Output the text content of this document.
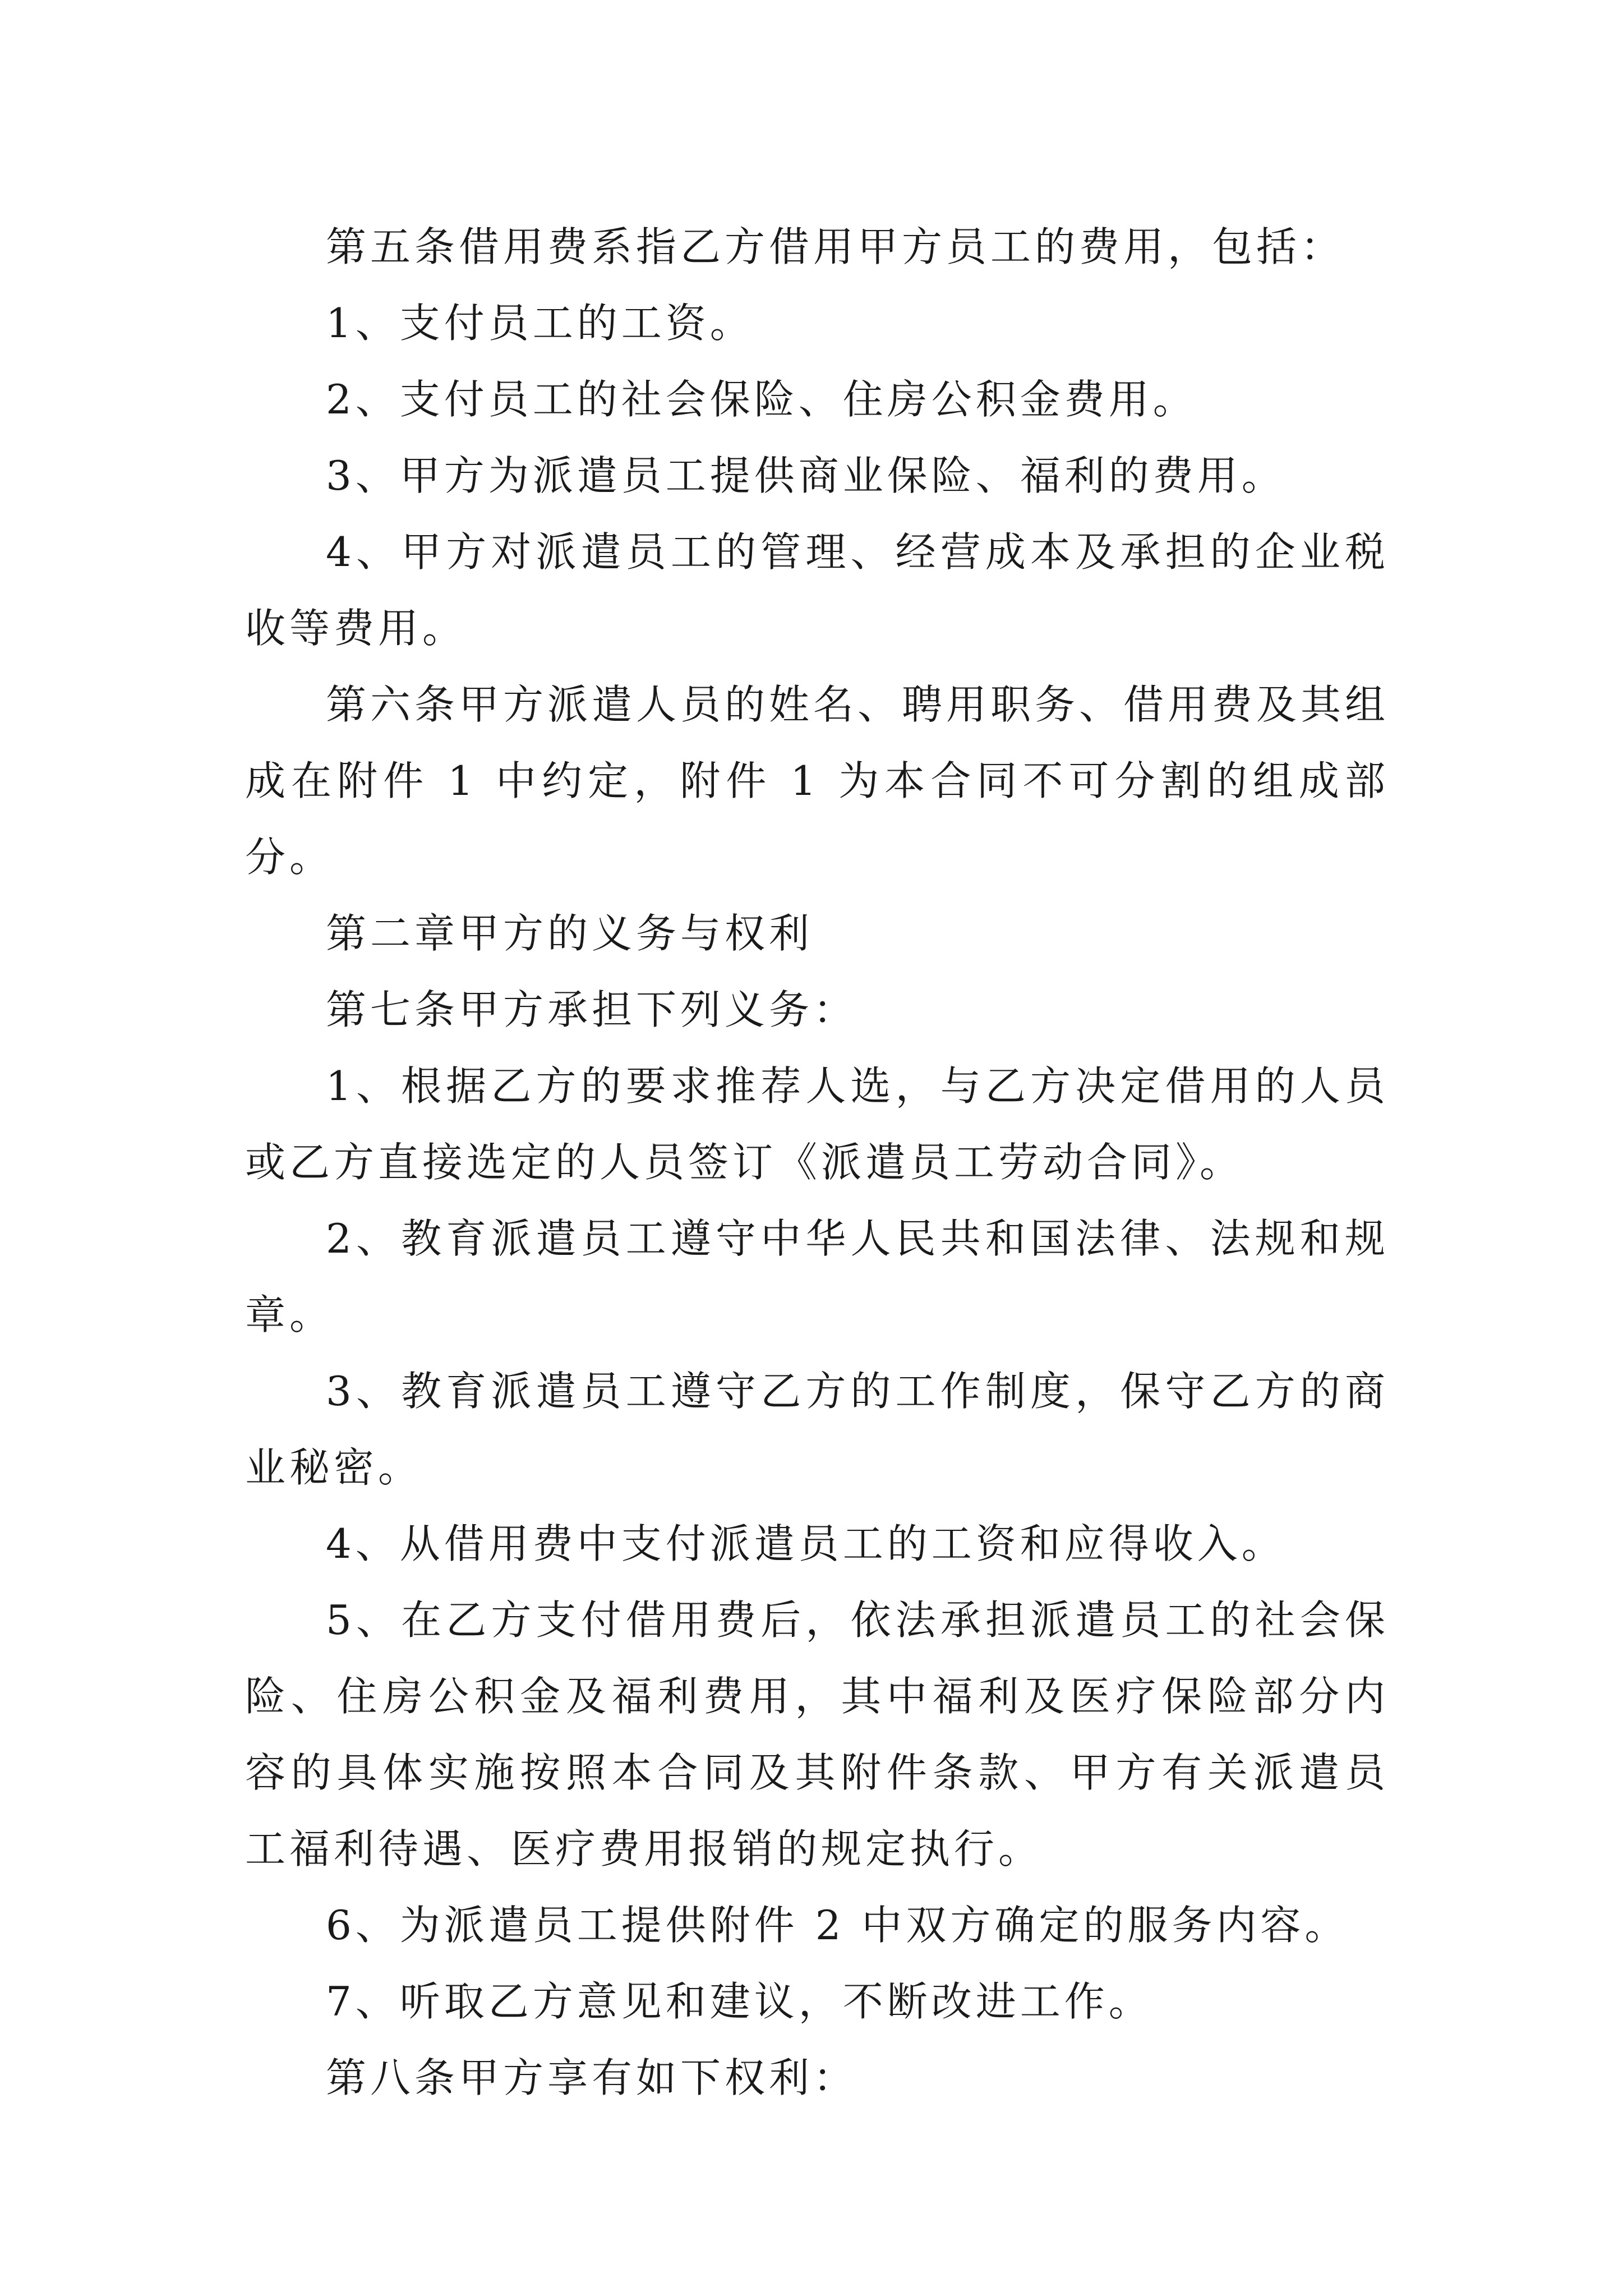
第五条借用费系指乙方借用甲方员工的费用，包括：

1、支付员工的工资。

2、支付员工的社会保险、住房公积金费用。

3、甲方为派遣员工提供商业保险、福利的费用。

4、甲方对派遣员工的管理、经营成本及承担的企业税收等费用。

第六条甲方派遣人员的姓名、聘用职务、借用费及其组成在附件 1 中约定，附件 1 为本合同不可分割的组成部分。

第二章甲方的义务与权利

第七条甲方承担下列义务：

1、根据乙方的要求推荐人选，与乙方决定借用的人员或乙方直接选定的人员签订《派遣员工劳动合同》。

2、教育派遣员工遵守中华人民共和国法律、法规和规章。

3、教育派遣员工遵守乙方的工作制度，保守乙方的商业秘密。

4、从借用费中支付派遣员工的工资和应得收入。

5、在乙方支付借用费后，依法承担派遣员工的社会保险、住房公积金及福利费用，其中福利及医疗保险部分内容的具体实施按照本合同及其附件条款、甲方有关派遣员工福利待遇、医疗费用报销的规定执行。

6、为派遣员工提供附件 2 中双方确定的服务内容。

7、听取乙方意见和建议，不断改进工作。

第八条甲方享有如下权利：
